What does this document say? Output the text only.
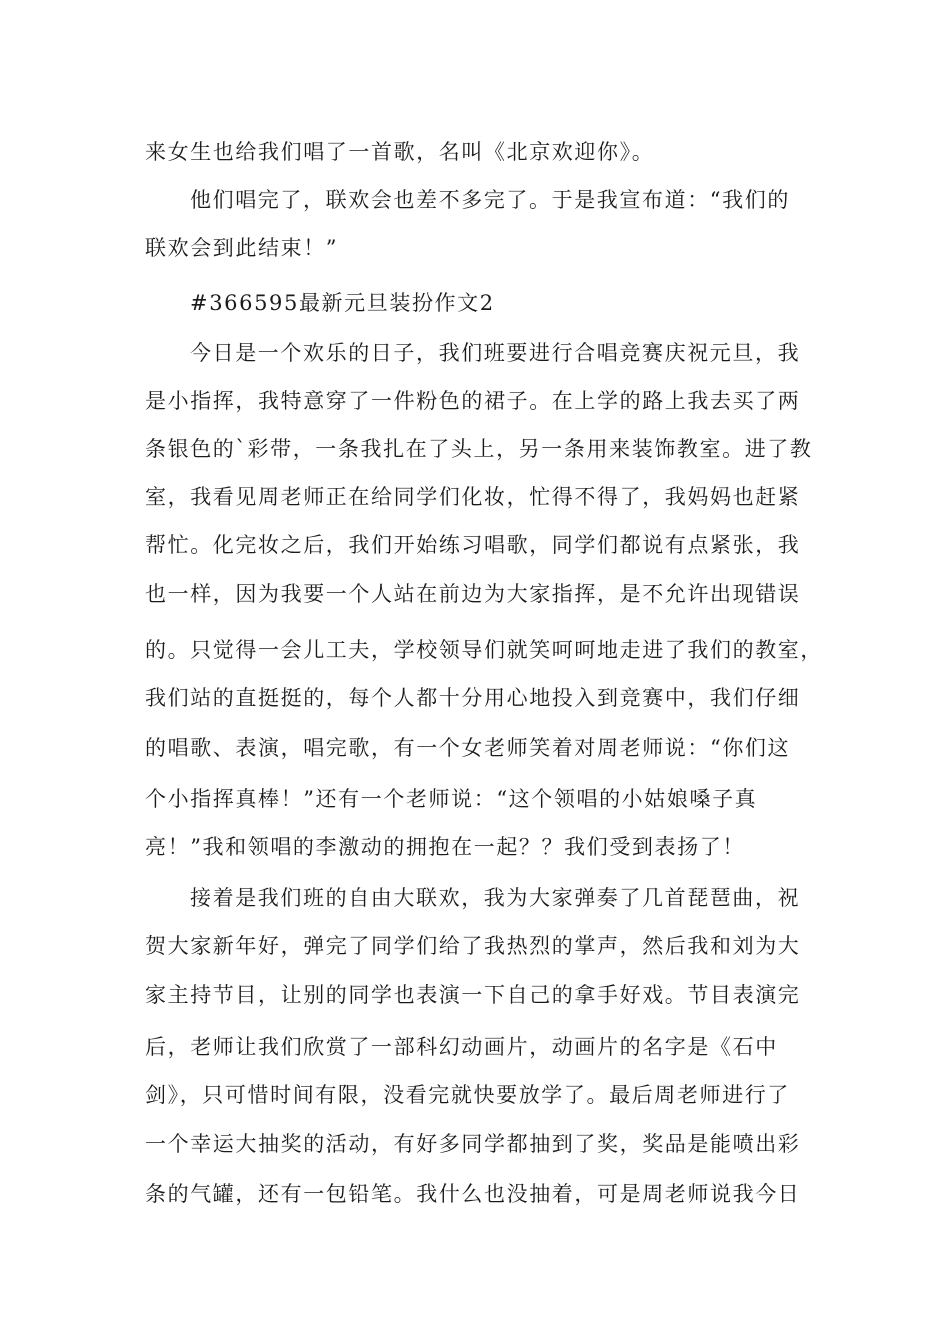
来女生也给我们唱了一首歌，名叫《北京欢迎你》。
他们唱完了，联欢会也差不多完了。于是我宣布道：“我们的
联欢会到此结束！”
#366595最新元旦装扮作文2
今日是一个欢乐的日子，我们班要进行合唱竞赛庆祝元旦，我
是小指挥，我特意穿了一件粉色的裙子。在上学的路上我去买了两
条银色的`彩带，一条我扎在了头上，另一条用来装饰教室。进了教
室，我看见周老师正在给同学们化妆，忙得不得了，我妈妈也赶紧
帮忙。化完妆之后，我们开始练习唱歌，同学们都说有点紧张，我
也一样，因为我要一个人站在前边为大家指挥，是不允许出现错误
的。只觉得一会儿工夫，学校领导们就笑呵呵地走进了我们的教室，
我们站的直挺挺的，每个人都十分用心地投入到竞赛中，我们仔细
的唱歌、表演，唱完歌，有一个女老师笑着对周老师说：“你们这
个小指挥真棒！”还有一个老师说：“这个领唱的小姑娘嗓子真
亮！”我和领唱的李激动的拥抱在一起？？我们受到表扬了！
接着是我们班的自由大联欢，我为大家弹奏了几首琵琶曲，祝
贺大家新年好，弹完了同学们给了我热烈的掌声，然后我和刘为大
家主持节目，让别的同学也表演一下自己的拿手好戏。节目表演完
后，老师让我们欣赏了一部科幻动画片，动画片的名字是《石中
剑》，只可惜时间有限，没看完就快要放学了。最后周老师进行了
一个幸运大抽奖的活动，有好多同学都抽到了奖，奖品是能喷出彩
条的气罐，还有一包铅笔。我什么也没抽着，可是周老师说我今日
